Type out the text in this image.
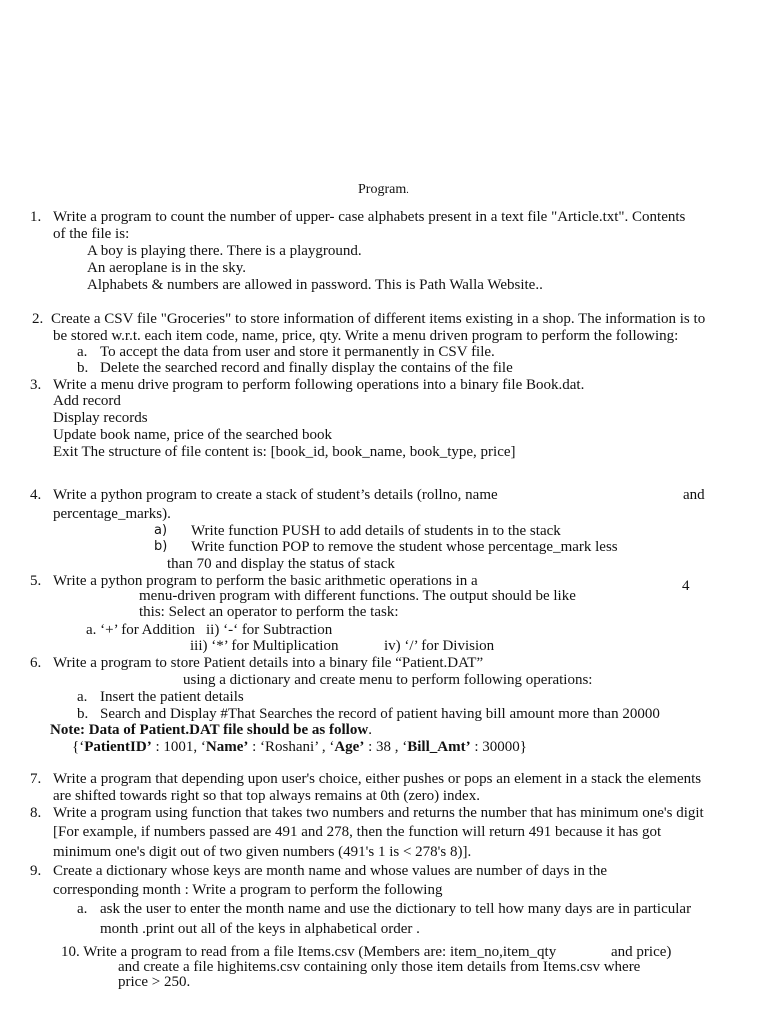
Program.
1. Write a program to count the number of upper- case alphabets present in a text file "Article.txt". Contents
of the file is:
A boy is playing there. There is a playground.
An aeroplane is in the sky.
Alphabets & numbers are allowed in password. This is Path Walla Website..
2. Create a CSV file "Groceries" to store information of different items existing in a shop. The information is to
be stored w.r.t. each item code, name, price, qty. Write a menu driven program to perform the following:
a. To accept the data from user and store it permanently in CSV file.
b. Delete the searched record and finally display the contains of the file
3. Write a menu drive program to perform following operations into a binary file Book.dat.
Add record
Display records
Update book name, price of the searched book
Exit The structure of file content is: [book_id, book_name, book_type, price]
4. Write a python program to create a stack of student’s details (rollno, name	and
percentage_marks).
a) Write function PUSH to add details of students in to the stack
b) Write function POP to remove the student whose percentage_mark less
than 70 and display the status of stack
5. Write a python program to perform the basic arithmetic operations in a	4
menu-driven program with different functions. The output should be like
this: Select an operator to perform the task:
a. ‘+’ for Addition ii) ‘-‘ for Subtraction
iii) ‘*’ for Multiplication	iv) ‘/’ for Division
6. Write a program to store Patient details into a binary file “Patient.DAT”
using a dictionary and create menu to perform following operations:
a. Insert the patient details
b. Search and Display #That Searches the record of patient having bill amount more than 20000
Note: Data of Patient.DAT file should be as follow.
{‘PatientID’ : 1001, ‘Name’ : ‘Roshani’ , ‘Age’ : 38 , ‘Bill_Amt’ : 30000}
7. Write a program that depending upon user's choice, either pushes or pops an element in a stack the elements
are shifted towards right so that top always remains at 0th (zero) index.
8. Write a program using function that takes two numbers and returns the number that has minimum one's digit
[For example, if numbers passed are 491 and 278, then the function will return 491 because it has got
minimum one's digit out of two given numbers (491's 1 is < 278's 8)].
9. Create a dictionary whose keys are month name and whose values are number of days in the
corresponding month : Write a program to perform the following
a. ask the user to enter the month name and use the dictionary to tell how many days are in particular
month .print out all of the keys in alphabetical order .
10. Write a program to read from a file Items.csv (Members are: item_no,item_qty	and price)
and create a file highitems.csv containing only those item details from Items.csv where
price > 250.
